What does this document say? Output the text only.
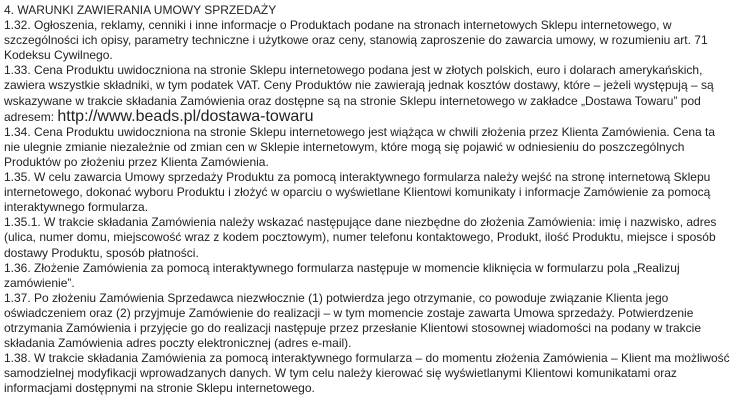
4. WARUNKI ZAWIERANIA UMOWY SPRZEDAŻY

1.32. Ogłoszenia, reklamy, cenniki i inne informacje o Produktach podane na stronach internetowych Sklepu internetowego, w szczególności ich opisy, parametry techniczne i użytkowe oraz ceny, stanowią zaproszenie do zawarcia umowy, w rozumieniu art. 71 Kodeksu Cywilnego.

1.33. Cena Produktu uwidoczniona na stronie Sklepu internetowego podana jest w złotych polskich, euro i dolarach amerykańskich, zawiera wszystkie składniki, w tym podatek VAT. Ceny Produktów nie zawierają jednak kosztów dostawy, które – jeżeli występują – są wskazywane w trakcie składania Zamówienia oraz dostępne są na stronie Sklepu internetowego w zakładce „Dostawa Towaru” pod adresem: http://www.beads.pl/dostawa-towaru

1.34. Cena Produktu uwidoczniona na stronie Sklepu internetowego jest wiążąca w chwili złożenia przez Klienta Zamówienia. Cena ta nie ulegnie zmianie niezależnie od zmian cen w Sklepie internetowym, które mogą się pojawić w odniesieniu do poszczególnych Produktów po złożeniu przez Klienta Zamówienia.

1.35. W celu zawarcia Umowy sprzedaży Produktu za pomocą interaktywnego formularza należy wejść na stronę internetową Sklepu internetowego, dokonać wyboru Produktu i złożyć w oparciu o wyświetlane Klientowi komunikaty i informacje Zamówienie za pomocą interaktywnego formularza.

1.35.1. W trakcie składania Zamówienia należy wskazać następujące dane niezbędne do złożenia Zamówienia: imię i nazwisko, adres (ulica, numer domu, miejscowość wraz z kodem pocztowym), numer telefonu kontaktowego, Produkt, ilość Produktu, miejsce i sposób dostawy Produktu, sposób płatności.

1.36. Złożenie Zamówienia za pomocą interaktywnego formularza następuje w momencie kliknięcia w formularzu pola „Realizuj zamówienie”.

1.37. Po złożeniu Zamówienia Sprzedawca niezwłocznie (1) potwierdza jego otrzymanie, co powoduje związanie Klienta jego oświadczeniem oraz (2) przyjmuje Zamówienie do realizacji – w tym momencie zostaje zawarta Umowa sprzedaży. Potwierdzenie otrzymania Zamówienia i przyjęcie go do realizacji następuje przez przesłanie Klientowi stosownej wiadomości na podany w trakcie składania Zamówienia adres poczty elektronicznej (adres e-mail).

1.38. W trakcie składania Zamówienia za pomocą interaktywnego formularza – do momentu złożenia Zamówienia – Klient ma możliwość samodzielnej modyfikacji wprowadzanych danych. W tym celu należy kierować się wyświetlanymi Klientowi komunikatami oraz informacjami dostępnymi na stronie Sklepu internetowego.
